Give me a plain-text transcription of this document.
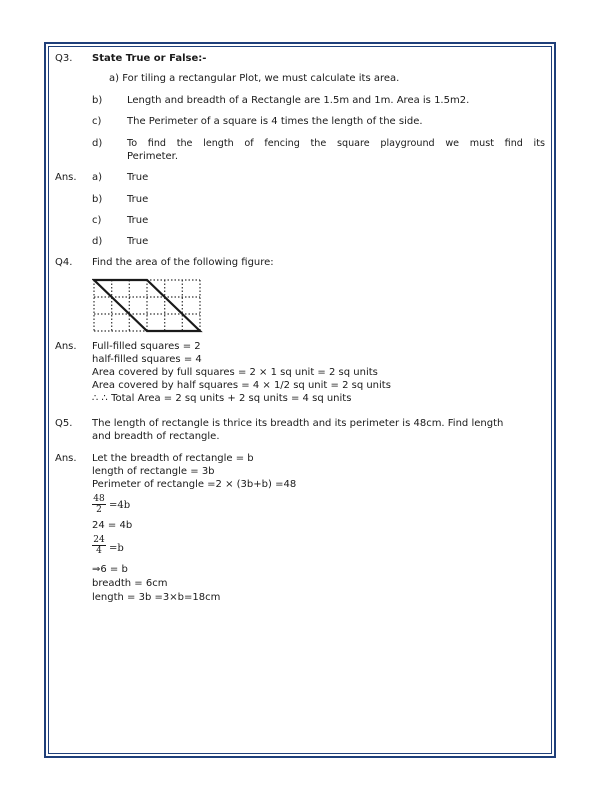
Q3. State True or False:-
a) For tiling a rectangular Plot, we must calculate its area.
b) Length and breadth of a Rectangle are 1.5m and 1m. Area is 1.5m2.
c)	The Perimeter of a square is 4 times the length of the side.
d)	To find the length of fencing the square playground we must find its
Perimeter.
Ans. a) True
b) True
c)	True
d) True
Q4. Find the area of the following figure:
Ans. Full-filled squares = 2
half-filled squares = 4
Area covered by full squares = 2 × 1 sq unit = 2 sq units
Area covered by half squares = 4 × 1/2 sq unit = 2 sq units
∴ ∴ Total Area = 2 sq units + 2 sq units = 4 sq units
Q5. The length of rectangle is thrice its breadth and its perimeter is 48cm. Find length
and breadth of rectangle.
Ans. Let the breadth of rectangle = b
length of rectangle = 3b
Perimeter of rectangle =2 × (3b+b) =48
$\frac{48}{2} =4b$
24 = 4b
$\frac{24}{4} =b$
⇒6 = b
breadth = 6cm
length = 3b =3×b=18cm
